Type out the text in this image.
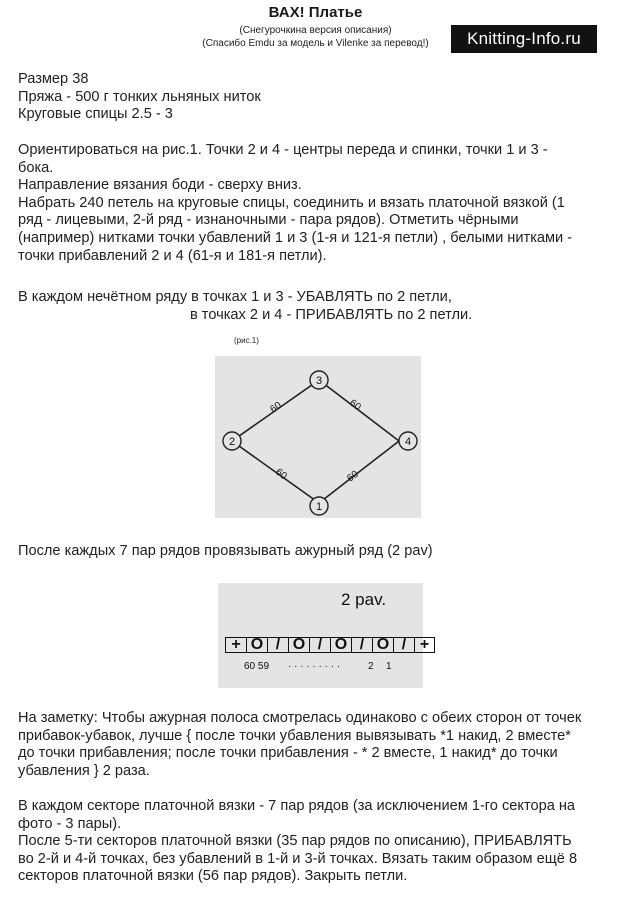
ВАХ! Платье
(Снегурочкина версия описания)
(Спасибо Emdu за модель и Vilenke за перевод!)	Knitting-Info.ru

Размер 38

Пряжа - 500 г тонких льняных ниток

Круговые спицы 2.5 - 3

Ориентироваться на рис.1. Точки 2 и 4 - центры переда и спинки, точки 1 и 3 -

бока.

Направление вязания боди - сверху вниз.

Набрать 240 петель на круговые спицы, соединить и вязать платочной вязкой (1

ряд - лицевыми, 2-й ряд - изнаночными - пара рядов). Отметить чёрными

(например) нитками точки убавлений 1 и 3 (1-я и 121-я петли) , белыми нитками -

точки прибавлений 2 и 4 (61-я и 181-я петли).

В каждом нечётном ряду в точках 1 и 3 - УБАВЛЯТЬ по 2 петли,

в точках 2 и 4 - ПРИБАВЛЯТЬ по 2 петли.

(рис.1)
3
4
1
2
60	60
60	60

После каждых 7 пар рядов провязывать ажурный ряд (2 pav)

2 pav.
+ O / O / O / O / +
60 59 · · · · · · · · ·	2 1

На заметку: Чтобы ажурная полоса смотрелась одинаково с обеих сторон от точек

прибавок-убавок, лучше { после точки убавления вывязывать *1 накид, 2 вместе*

до точки прибавления; после точки прибавления - * 2 вместе, 1 накид* до точки

убавления } 2 раза.

В каждом секторе платочной вязки - 7 пар рядов (за исключением 1-го сектора на

фото - 3 пары).

После 5-ти секторов платочной вязки (35 пар рядов по описанию), ПРИБАВЛЯТЬ

во 2-й и 4-й точках, без убавлений в 1-й и 3-й точках. Вязать таким образом ещё 8

секторов платочной вязки (56 пар рядов). Закрыть петли.
